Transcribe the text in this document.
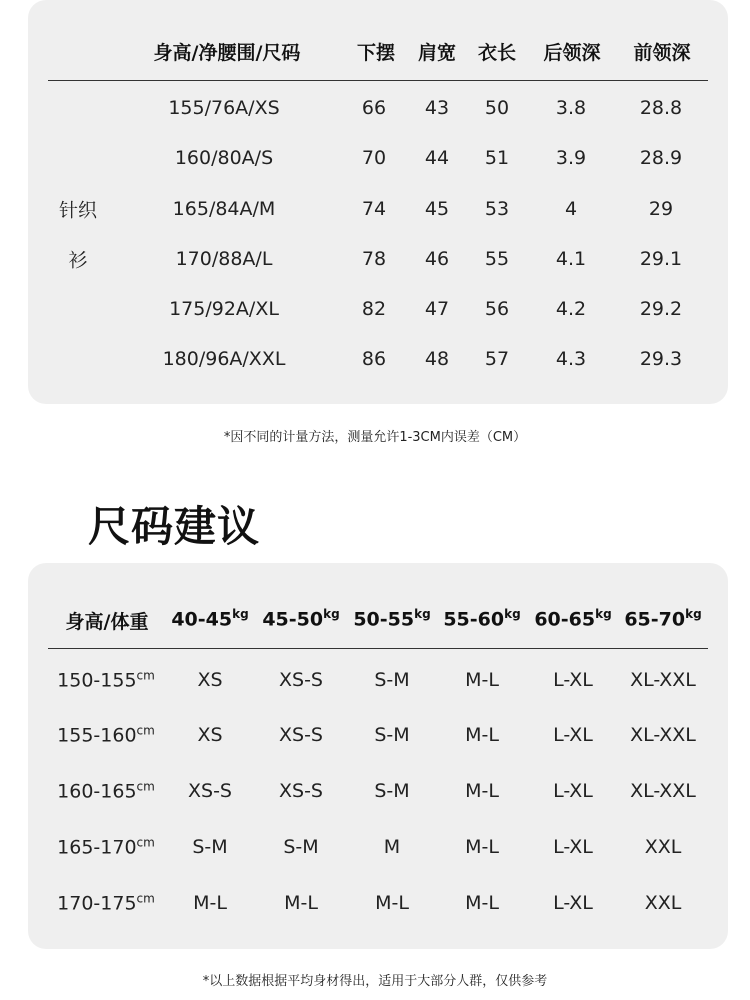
身高/净腰围/尺码	下摆 肩宽 衣长 后领深 前领深
针织
衫
155/76A/XS	66 43 50 3.8	28.8
160/80A/S	70 44 51 3.9	28.9
165/84A/M	74 45 53	4	29
170/88A/L	78 46 55 4.1	29.1
175/92A/XL	82 47 56 4.2	29.2
180/96A/XXL	86 48 57 4.3	29.3
*因不同的计量方法，测量允许1-3CM内误差（CM）
尺码建议
身高/体重 $40-45^{kg}$ $45-50^{kg}$ $50-55^{kg}$ $55-60^{kg}$ $60-65^{kg}$ $65-70^{kg}$
$150-155^{cm}$ XS	XS-S	S-M	M-L	L-XL XL-XXL
$155-160^{cm}$ XS	XS-S	S-M	M-L	L-XL XL-XXL
$160-165^{cm}$ XS-S XS-S	S-M	M-L	L-XL XL-XXL
$165-170^{cm}$ S-M	S-M	M	M-L	L-XL	XXL
$170-175^{cm}$ M-L	M-L	M-L	M-L	L-XL	XXL
*以上数据根据平均身材得出，适用于大部分人群，仅供参考
